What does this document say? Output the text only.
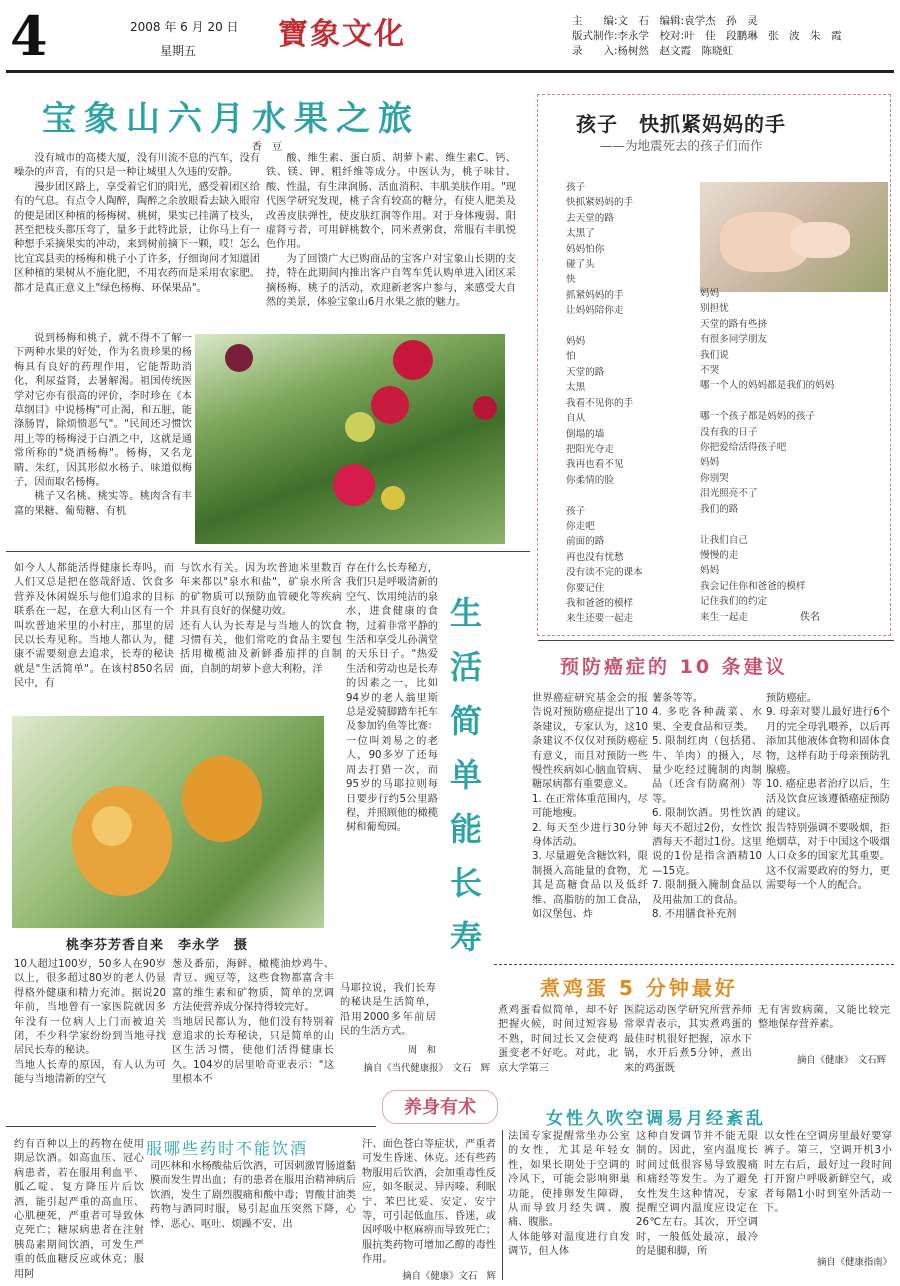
4	2008 年 6 月 20 日
星期五	寶象文化	主　　编:文　石　编辑:袁学杰　孙　灵
版式制作:李永学　校对:叶　佳　段鹏琳　张　波　朱　霞
录　　入:杨树然　赵文霞　陈晓虹
宝象山六月水果之旅
香　豆

没有城市的高楼大厦，没有川流不息的汽车，没有噪杂的声音，有的只是一种让城里人久违的安静。

漫步团区路上，享受着它们的阳光，感受着团区给有的气息。有点令人陶醉，陶醉之余放眼看去缺入眼帘的便是团区种植的杨梅树、桃树，果实已挂满了枝头，甚至把枝头都压弯了，量多于此特此景，让你马上有一种想手采摘果实的冲动，来到树前摘下一颗，哎！怎么比宜宾县卖的杨梅和桃子小了许多，仔细询问才知道团区种植的果树从不施化肥，不用农药而是采用农家肥。都才是真正意义上"绿色杨梅、环保果品"。

说到杨梅和桃子，就不得不了解一下两种水果的好处，作为名贵珍果的杨梅具有良好的药理作用，它能帮助消化，利尿益肾，去暑解渴。祖国传统医学对它亦有很高的评价，李时珍在《本草纲目》中说杨梅"可止渴，和五脏，能涤肠胃，除烦愦恶气"。"民间还习惯饮用上等的杨梅浸于白酒之中，这就是通常所称的"烧酒杨梅"。杨梅，又名龙睛、朱红，因其形似水杨子、味道似梅子，因而取名杨梅。

桃子又名桃、桃实等。桃肉含有丰富的果糖、葡萄糖、有机

酸、维生素、蛋白质、胡萝卜素、维生素C、钙、铁、镁、钾、粗纤维等成分。中医认为，桃子味甘、酸、性温，有生津润肠、活血消积、丰肌美肤作用。"现代医学研究发现，桃子含有较高的糖分，有使人肥美及改善皮肤弹性，使皮肤红润等作用。对于身体瘦弱、阳虚肾亏者，可用鲜桃数个，同米煮粥食，常服有丰肌悦色作用。

为了回馈广大已购商品的宝客户对宝象山长期的支持，特在此期间内推出客户自驾车凭认购单进入团区采摘杨梅、桃子的活动，欢迎新老客户参与，来感受大自然的美景，体验宝象山6月水果之旅的魅力。

孩子　快抓紧妈妈的手
——为地震死去的孩子们而作
孩子
快抓紧妈妈的手
去天堂的路
太黑了
妈妈怕你
碰了头
快
抓紧妈妈的手
让妈妈陪你走

妈妈
怕
天堂的路
太黑
我看不见你的手
自从
倒塌的墙
把阳光夺走
我再也看不见
你柔情的脸

孩子
你走吧
前面的路
再也没有忧愁
没有读不完的课本
你要记住
我和爸爸的模样
来生还要一起走
妈妈
别担忧
天堂的路有些挤
有很多同学朋友
我们说
不哭
哪一个人的妈妈都是我们的妈妈

哪一个孩子都是妈妈的孩子
没有我的日子
你把爱给活得孩子吧
妈妈
你别哭
泪光照亮不了
我们的路

让我们自己
慢慢的走
妈妈
我会记住你和爸爸的模样
记住我们的约定
来生一起走	佚名
如今人人都能活得健康长寿吗，而人们又总是把在悠哉舒适、饮食多营养及休闲娱乐与他们追求的目标联系在一起，在意大利山区有一个叫坎普迪米里的小村庄，那里的居民以长寿见称。当地人都认为，健康不需要刻意去追求，长寿的秘诀就是"生活简单"。在该村850名居民中，有
与饮水有关。因为坎普迪米里数百年来都以"泉水和盐"，矿泉水所含的矿物质可以预防血管硬化等疾病并具有良好的保健功效。
还有人认为长寿是与当地人的饮食习惯有关，他们常吃的食品主要包括用橄榄油及新鲜番茄拌的自制面，自制的胡萝卜意大利粉，洋
存在什么长寿秘方，我们只是呼吸清新的空气、饮用纯洁的泉水，进食健康的食物，过着非常平静的生活和享受儿孙满堂的天乐日子。"热爱生活和劳动也是长寿的因素之一，比如94岁的老人翁里斯总是爱骑脚踏车托车及参加钓鱼等比赛：一位叫刘易之的老人，90多岁了还每周去打猎一次，而95岁的马耶拉则每日要步行约5公里路程，并照顾他的橄榄树和葡萄园。
生活简单能长寿
桃李芬芳香自来　李永学　摄
10人超过100岁，50多人在90岁以上，很多超过80岁的老人仍显得格外健康和精力充沛。据说20年前，当地曾有一家医院就因多年没有一位病人上门而被迫关闭，不少科学家纷纷到当地寻找居民长寿的秘诀。
当地人长寿的原因，有人认为可能与当地清新的空气
葱及番茄，海鲜、橄榄油炒鸡牛、青豆、豌豆等，这些食物都富含丰富的维生素和矿物质，简单的烹调方法使营养成分保持得较完好。
当地居民都认为，他们没有特别着意追求的长寿秘诀，只是简单的山区生活习惯，使他们活得健康长久。104岁的居里哈奇亚表示："这里根本不
马耶拉说，我们长寿的秘诀是生活简单，沿用2000多年前居民的生活方式。
周　和
摘自《当代健康报》　文石　辉
预防癌症的 10 条建议
世界癌症研究基金会的报告说对预防癌症提出了10条建议，专家认为，这10条建议不仅仅对预防癌症有意义，而且对预防一些慢性疾病如心脑血管病、糖尿病都有重要意义。
1. 在正常体重范围内，尽可能地瘦。
2. 每天至少进行30分钟身体活动。
3. 尽量避免含糖饮料，限制摄入高能量的食物，尤其是高糖食品以及低纤维、高脂肪的加工食品，如汉堡包、炸
薯条等等。
4. 多吃各种蔬菜、水果、全麦食品和豆类。
5. 限制红肉（包括猪、牛、羊肉）的摄入，尽量少吃经过腌制的肉制品（还含有防腐剂）等等。
6. 限制饮酒。男性饮酒每天不超过2份，女性饮酒每天不超过1份。这里说的1份是指含酒精10—15克。
7. 限制摄入腌制食品以及用盐加工的食品。
8. 不用膳食补充剂
预防癌症。
9. 母亲对婴儿最好进行6个月的完全母乳喂养，以后再添加其他液体食物和固体食物，这样有助于母亲预防乳腺癌。
10. 癌症患者治疗以后，生活及饮食应该遵循癌症预防的建议。
报告特别强调不要吸烟，拒绝烟草，对于中国这个吸烟人口众多的国家尤其重要。这不仅需要政府的努力，更需要每一个人的配合。
煮鸡蛋 5 分钟最好
煮鸡蛋看似简单，却不好把握火候，时间过短容易不熟，时间过长又会使鸡蛋变老不好吃。对此，北京大学第三
医院运动医学研究所营养师常翠青表示，其实煮鸡蛋的最佳时机很好把握，凉水下锅，水开后煮5分钟，煮出来的鸡蛋既
无有害致病菌，又能比较完整地保存营养素。
摘自《健康》　文石辉
养身有术
服哪些药时不能饮酒
约有百种以上的药物在使用期忌饮酒。如高血压、冠心病患者，若在服用利血平、胍乙啶、复方降压片后饮酒，能引起严重的高血压、心肌梗死，严重者可导致休克死亡；糖尿病患者在注射胰岛素期间饮酒，可发生严重的低血糖反应或休克；服用阿
司匹林和水杨酸盐后饮酒，可因刺激胃肠道黏膜而发生胃出血；有的患者在服用治精神病后饮酒，发生了剧烈腹痛和酸中毒；胃酸甘油类药物与酒同时服，易引起血压突然下降，心悸、恶心、呕吐、烦躁不安、出
汗、面色苍白等症状，严重者可发生昏迷、休克。还有些药物服用后饮酒，会加重毒性反应，如冬眠灵、异丙嗪、利眠宁、苯巴比妥、安定、安宁等，可引起低血压、昏迷，或因呼吸中枢麻痹而导致死亡；服抗类药物可增加乙醇的毒性作用。
摘自《健康》文石　辉
女性久吹空调易月经紊乱
法国专家提醒常坐办公室的女性，尤其是年轻女性，如果长期处于空调的冷风下，可能会影响卵巢功能，使排卵发生障碍，从而导致月经失调、腹痛、腹胀。
人体能够对温度进行自发调节，但人体
这种自发调节并不能无限制的。因此，室内温度长时间过低很容易导致腹痛和痛经等发生。为了避免女性发生这种情况，专家提醒空调内温度应设定在26℃左右。其次，开空调时，一般低处最凉，最冷的是腿和脚，所
以女性在空调房里最好要穿裤子。第三，空调开机3小时左右后，最好过一段时间打开窗户呼吸新鲜空气，或者每隔1小时到室外活动一下。
摘自《健康指南》
